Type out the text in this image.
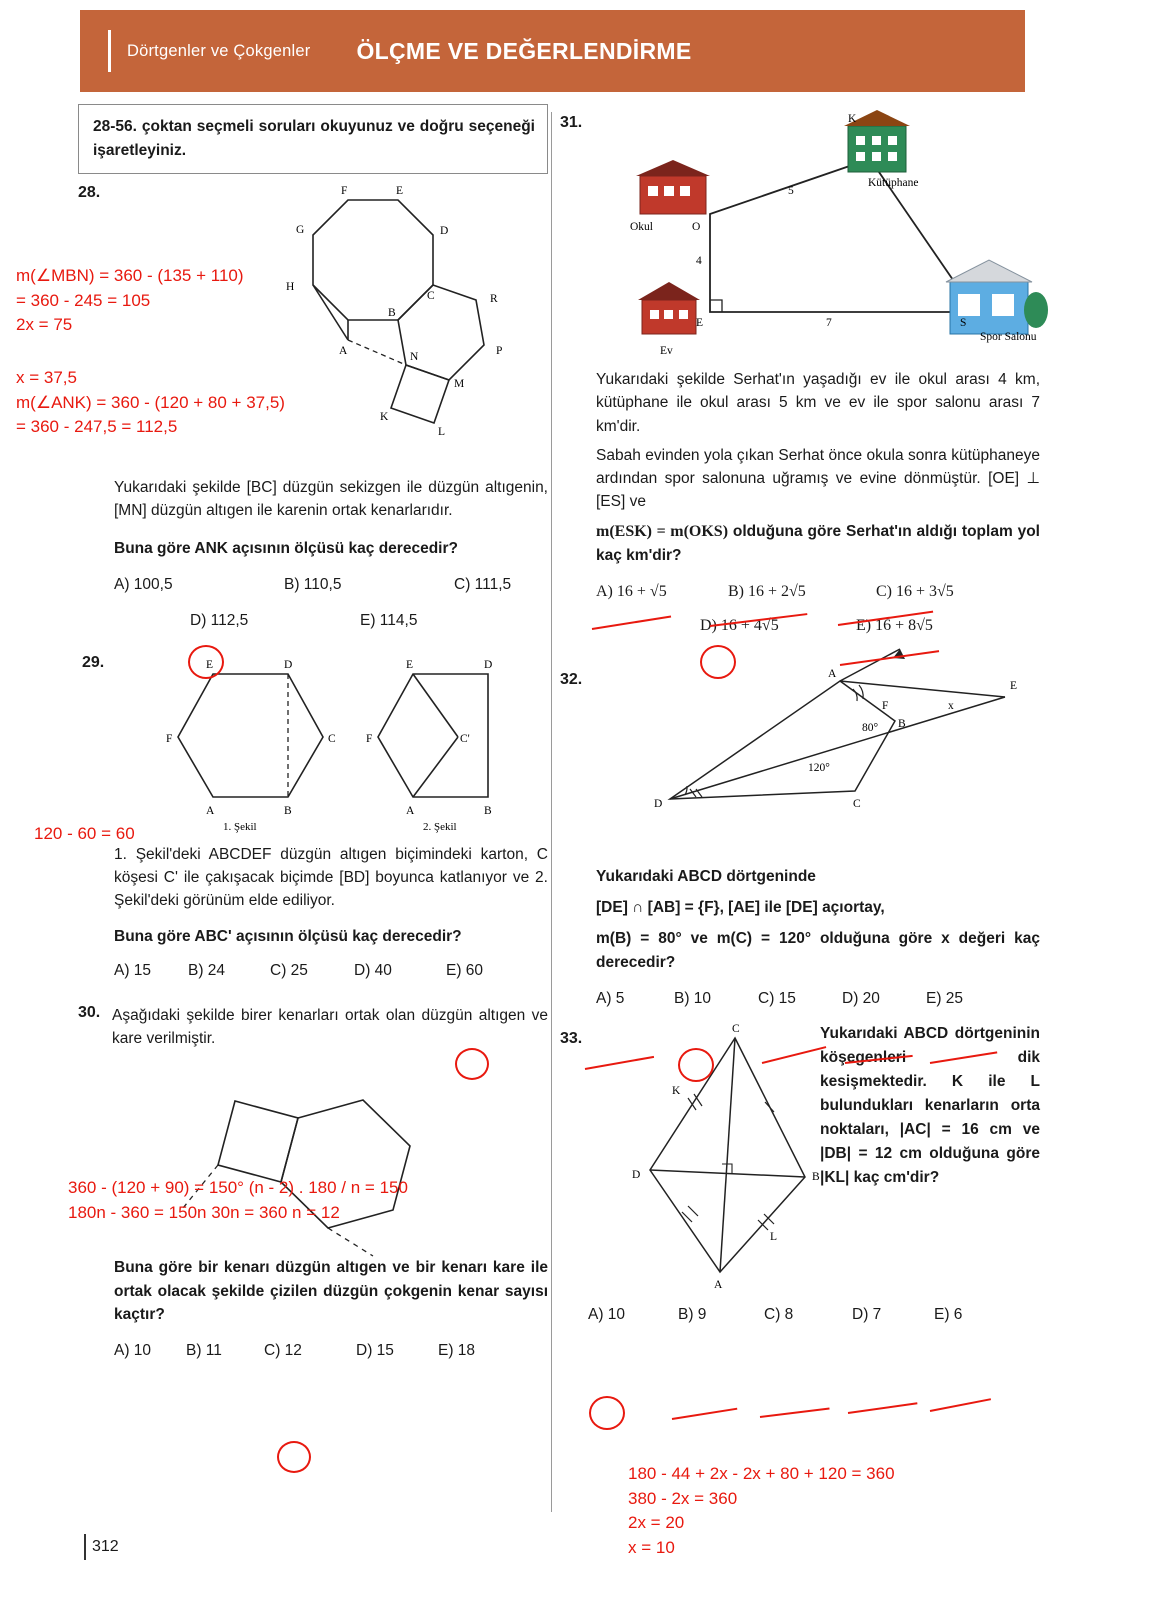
Dörtgenler ve Çokgenler ÖLÇME VE DEĞERLENDİRME
28-56. çoktan seçmeli soruları okuyunuz ve doğru seçeneği işaretleyiniz.
28.	F	E
G	D
C
H
B
R
A	P
N
M
K
L
Yukarıdaki şekilde [BC] düzgün sekizgen ile düzgün altıgenin, [MN] düzgün altıgen ile karenin ortak kenarlarıdır.
Buna göre ANK açısının ölçüsü kaç derecedir?
A) 100,5	B) 110,5	C) 111,5
D) 112,5	E) 114,5
29.	E	D
F	C
A	B
1. Şekil
E	D
F	C'
A	B
2. Şekil
1. Şekil'deki ABCDEF düzgün altıgen biçimindeki karton, C köşesi C' ile çakışacak biçimde [BD] boyunca katlanıyor ve 2. Şekil'deki görünüm elde ediliyor.
Buna göre ABC' açısının ölçüsü kaç derecedir?
A) 15	B) 24	C) 25	D) 40	E) 60
30. Aşağıdaki şekilde birer kenarları ortak olan düzgün altıgen ve kare verilmiştir.
Buna göre bir kenarı düzgün altıgen ve bir kenarı kare ile ortak olacak şekilde çizilen düzgün çokgenin kenar sayısı kaçtır?
A) 10	B) 11	C) 12	D) 15	E) 18
31.	K
Kütüphane
Okul	O
5
4
E	7	S
Spor Salonu
Ev
Yukarıdaki şekilde Serhat'ın yaşadığı ev ile okul arası 4 km, kütüphane ile okul arası 5 km ve ev ile spor salonu arası 7 km'dir.
Sabah evinden yola çıkan Serhat önce okula sonra kütüphaneye ardından spor salonuna uğramış ve evine dönmüştür. [OE] ⊥ [ES] ve
m(ESK) = m(OKS) olduğuna göre Serhat'ın aldığı toplam yol kaç km'dir?
A) 16 + √5	B) 16 + 2√5	C) 16 + 3√5
D) 16 + 4√5	E) 16 + 8√5
32.	A
E
x
F
80° B
120°
D	C
Yukarıdaki ABCD dörtgeninde
[DE] ∩ [AB] = {F}, [AE] ile [DE] açıortay,
m(B) = 80° ve m(C) = 120° olduğuna göre x değeri kaç derecedir?
A) 5	B) 10	C) 15	D) 20	E) 25
33.
C
K
D	B
L
A
Yukarıdaki ABCD dörtgeninin köşegenleri dik kesişmektedir. K ile L bulundukları kenarların orta noktaları, |AC| = 16 cm ve |DB| = 12 cm olduğuna göre |KL| kaç cm'dir?
A) 10	B) 9	C) 8	D) 7	E) 6
m(∠MBN) = 360 - (135 + 110)
= 360 - 245 = 105
2x = 75
x = 37,5
m(∠ANK) = 360 - (120 + 80 + 37,5)
= 360 - 247,5 = 112,5
120 - 60 = 60
360 - (120 + 90) = 150° (n - 2) . 180 / n = 150
180n - 360 = 150n 30n = 360 n = 12
180 - 44 + 2x - 2x + 80 + 120 = 360
380 - 2x = 360
2x = 20
x = 10
312
